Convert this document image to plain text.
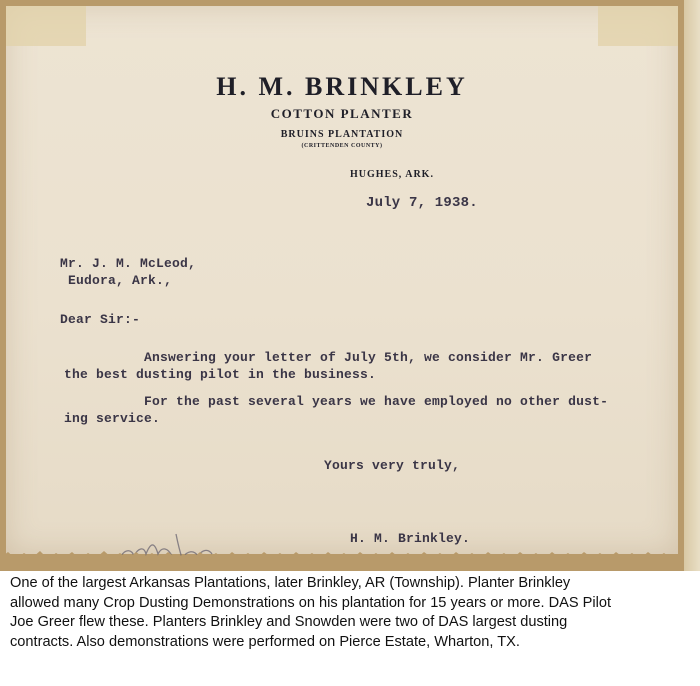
H. M. BRINKLEY
COTTON PLANTER
BRUINS PLANTATION
(CRITTENDEN COUNTY)
HUGHES, ARK.
July 7, 1938.
Mr. J. M. McLeod,
Eudora, Ark.,
Dear Sir:-
Answering your letter of July 5th, we consider Mr. Greer
the best dusting pilot in the business.
For the past several years we have employed no other dust-
ing service.
Yours very truly,
H. M. Brinkley.
One of the largest Arkansas Plantations, later Brinkley, AR (Township). Planter Brinkley
allowed many Crop Dusting Demonstrations on his plantation for 15 years or more. DAS Pilot
Joe Greer flew these. Planters Brinkley and Snowden were two of DAS largest dusting
contracts. Also demonstrations were performed on Pierce Estate, Wharton, TX.
